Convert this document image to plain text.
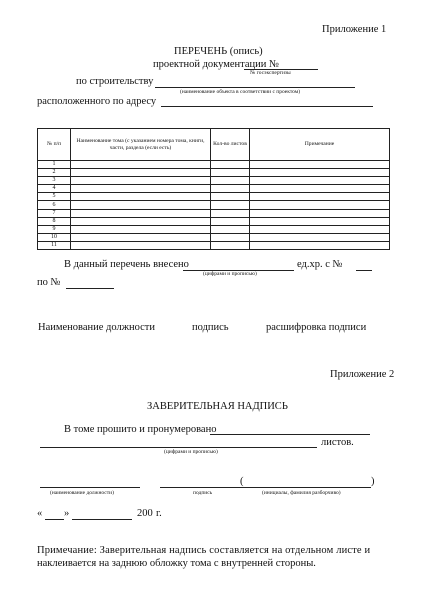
Приложение 1
ПЕРЕЧЕНЬ (опись)
проектной документации №
№ госэкспертизы
по строительству
(наименование объекта в соответствии с проектом)
расположенного по адресу
№ п/п	Наименование тома (с указанием номера тома, книги, части, раздела (если есть)	Кол-во листов	Примечание
1			
2			
3			
4			
5			
6			
7			
8			
9			
10			
11			
В данный перечень внесено	ед.хр. с №
(цифрами и прописью)
по №
Наименование должности	подпись	расшифровка подписи
Приложение 2
ЗАВЕРИТЕЛЬНАЯ НАДПИСЬ
В томе прошито и пронумеровано
листов.
(цифрами и прописью)
(наименование должности)	подпись
(	)
(инициалы, фамилия разборчиво)
« »	200 г.
Примечание: Заверительная надпись составляется на отдельном листе и
наклеивается на заднюю обложку тома с внутренней стороны.
